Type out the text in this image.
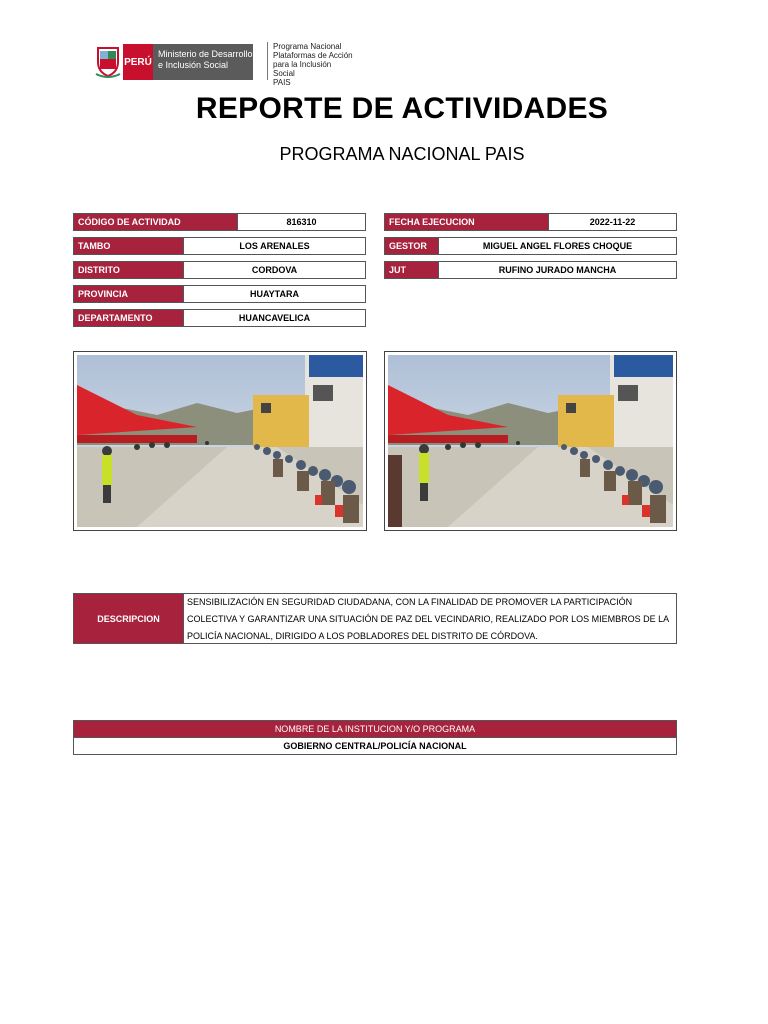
PERÚ
Ministerio de Desarrollo
e Inclusión Social
Programa Nacional
Plataformas de Acción
para la Inclusión Social
PAIS
REPORTE DE ACTIVIDADES
PROGRAMA NACIONAL PAIS
CÓDIGO DE ACTIVIDAD	816310
TAMBO	LOS ARENALES
DISTRITO	CORDOVA
PROVINCIA	HUAYTARA
DEPARTAMENTO	HUANCAVELICA
FECHA EJECUCION	2022-11-22
GESTOR	MIGUEL ANGEL FLORES CHOQUE
JUT	RUFINO JURADO MANCHA
DESCRIPCION
SENSIBILIZACIÓN EN SEGURIDAD CIUDADANA, CON LA FINALIDAD DE PROMOVER LA PARTICIPACIÓN COLECTIVA Y GARANTIZAR UNA SITUACIÓN DE PAZ DEL VECINDARIO, REALIZADO POR LOS MIEMBROS DE LA POLICÍA NACIONAL, DIRIGIDO A LOS POBLADORES DEL DISTRITO DE CÓRDOVA.
NOMBRE DE LA INSTITUCION Y/O PROGRAMA
GOBIERNO CENTRAL/POLICÍA NACIONAL
